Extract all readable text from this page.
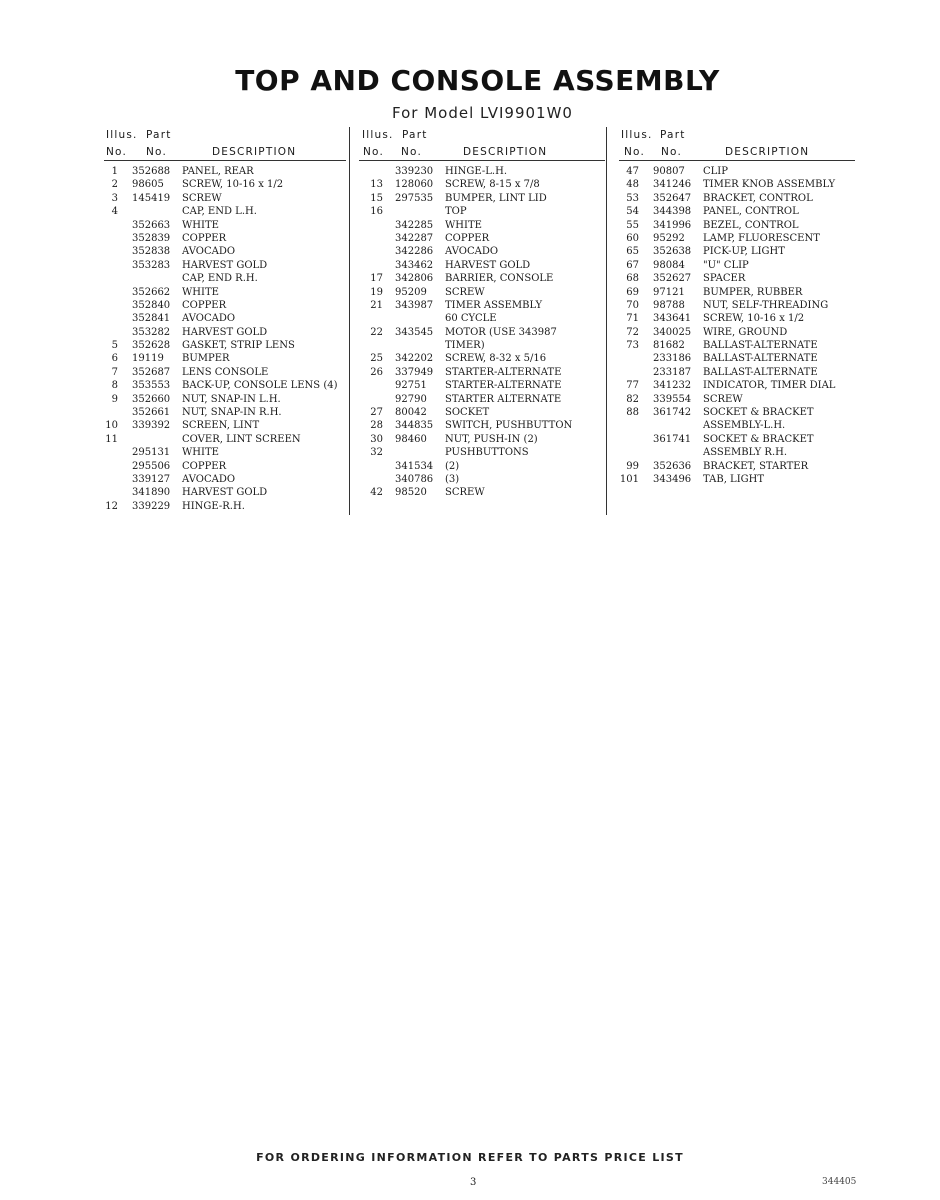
TOP AND CONSOLE ASSEMBLY
For Model LVI9901W0
Illus. Part
No. No.	DESCRIPTION
1 352688 PANEL, REAR
2 98605 SCREW, 10-16 x 1/2
3 145419 SCREW
4	CAP, END L.H.
352663 WHITE
352839 COPPER
352838 AVOCADO
353283 HARVEST GOLD
CAP, END R.H.
352662 WHITE
352840 COPPER
352841 AVOCADO
353282 HARVEST GOLD
5 352628 GASKET, STRIP LENS
6 19119 BUMPER
7 352687 LENS CONSOLE
8 353553 BACK-UP, CONSOLE LENS (4)
9 352660 NUT, SNAP-IN L.H.
352661 NUT, SNAP-IN R.H.
10 339392 SCREEN, LINT
11	COVER, LINT SCREEN
295131 WHITE
295506 COPPER
339127 AVOCADO
341890 HARVEST GOLD
12 339229 HINGE-R.H.
Illus. Part
No. No.	DESCRIPTION
339230 HINGE-L.H.
13 128060 SCREW, 8-15 x 7/8
15 297535 BUMPER, LINT LID
16	TOP
342285 WHITE
342287 COPPER
342286 AVOCADO
343462 HARVEST GOLD
17 342806 BARRIER, CONSOLE
19 95209 SCREW
21 343987 TIMER ASSEMBLY
60 CYCLE
22 343545 MOTOR (USE 343987
TIMER)
25 342202 SCREW, 8-32 x 5/16
26 337949 STARTER-ALTERNATE
92751 STARTER-ALTERNATE
92790 STARTER ALTERNATE
27 80042 SOCKET
28 344835 SWITCH, PUSHBUTTON
30 98460 NUT, PUSH-IN (2)
32	PUSHBUTTONS
341534 (2)
340786 (3)
42 98520 SCREW
Illus. Part
No. No.	DESCRIPTION
47 90807 CLIP
48 341246 TIMER KNOB ASSEMBLY
53 352647 BRACKET, CONTROL
54 344398 PANEL, CONTROL
55 341996 BEZEL, CONTROL
60 95292 LAMP, FLUORESCENT
65 352638 PICK-UP, LIGHT
67 98084 "U" CLIP
68 352627 SPACER
69 97121 BUMPER, RUBBER
70 98788 NUT, SELF-THREADING
71 343641 SCREW, 10-16 x 1/2
72 340025 WIRE, GROUND
73 81682 BALLAST-ALTERNATE
233186 BALLAST-ALTERNATE
233187 BALLAST-ALTERNATE
77 341232 INDICATOR, TIMER DIAL
82 339554 SCREW
88 361742 SOCKET & BRACKET
ASSEMBLY-L.H.
361741 SOCKET & BRACKET
ASSEMBLY R.H.
99 352636 BRACKET, STARTER
101 343496 TAB, LIGHT
FOR ORDERING INFORMATION REFER TO PARTS PRICE LIST
3	344405
